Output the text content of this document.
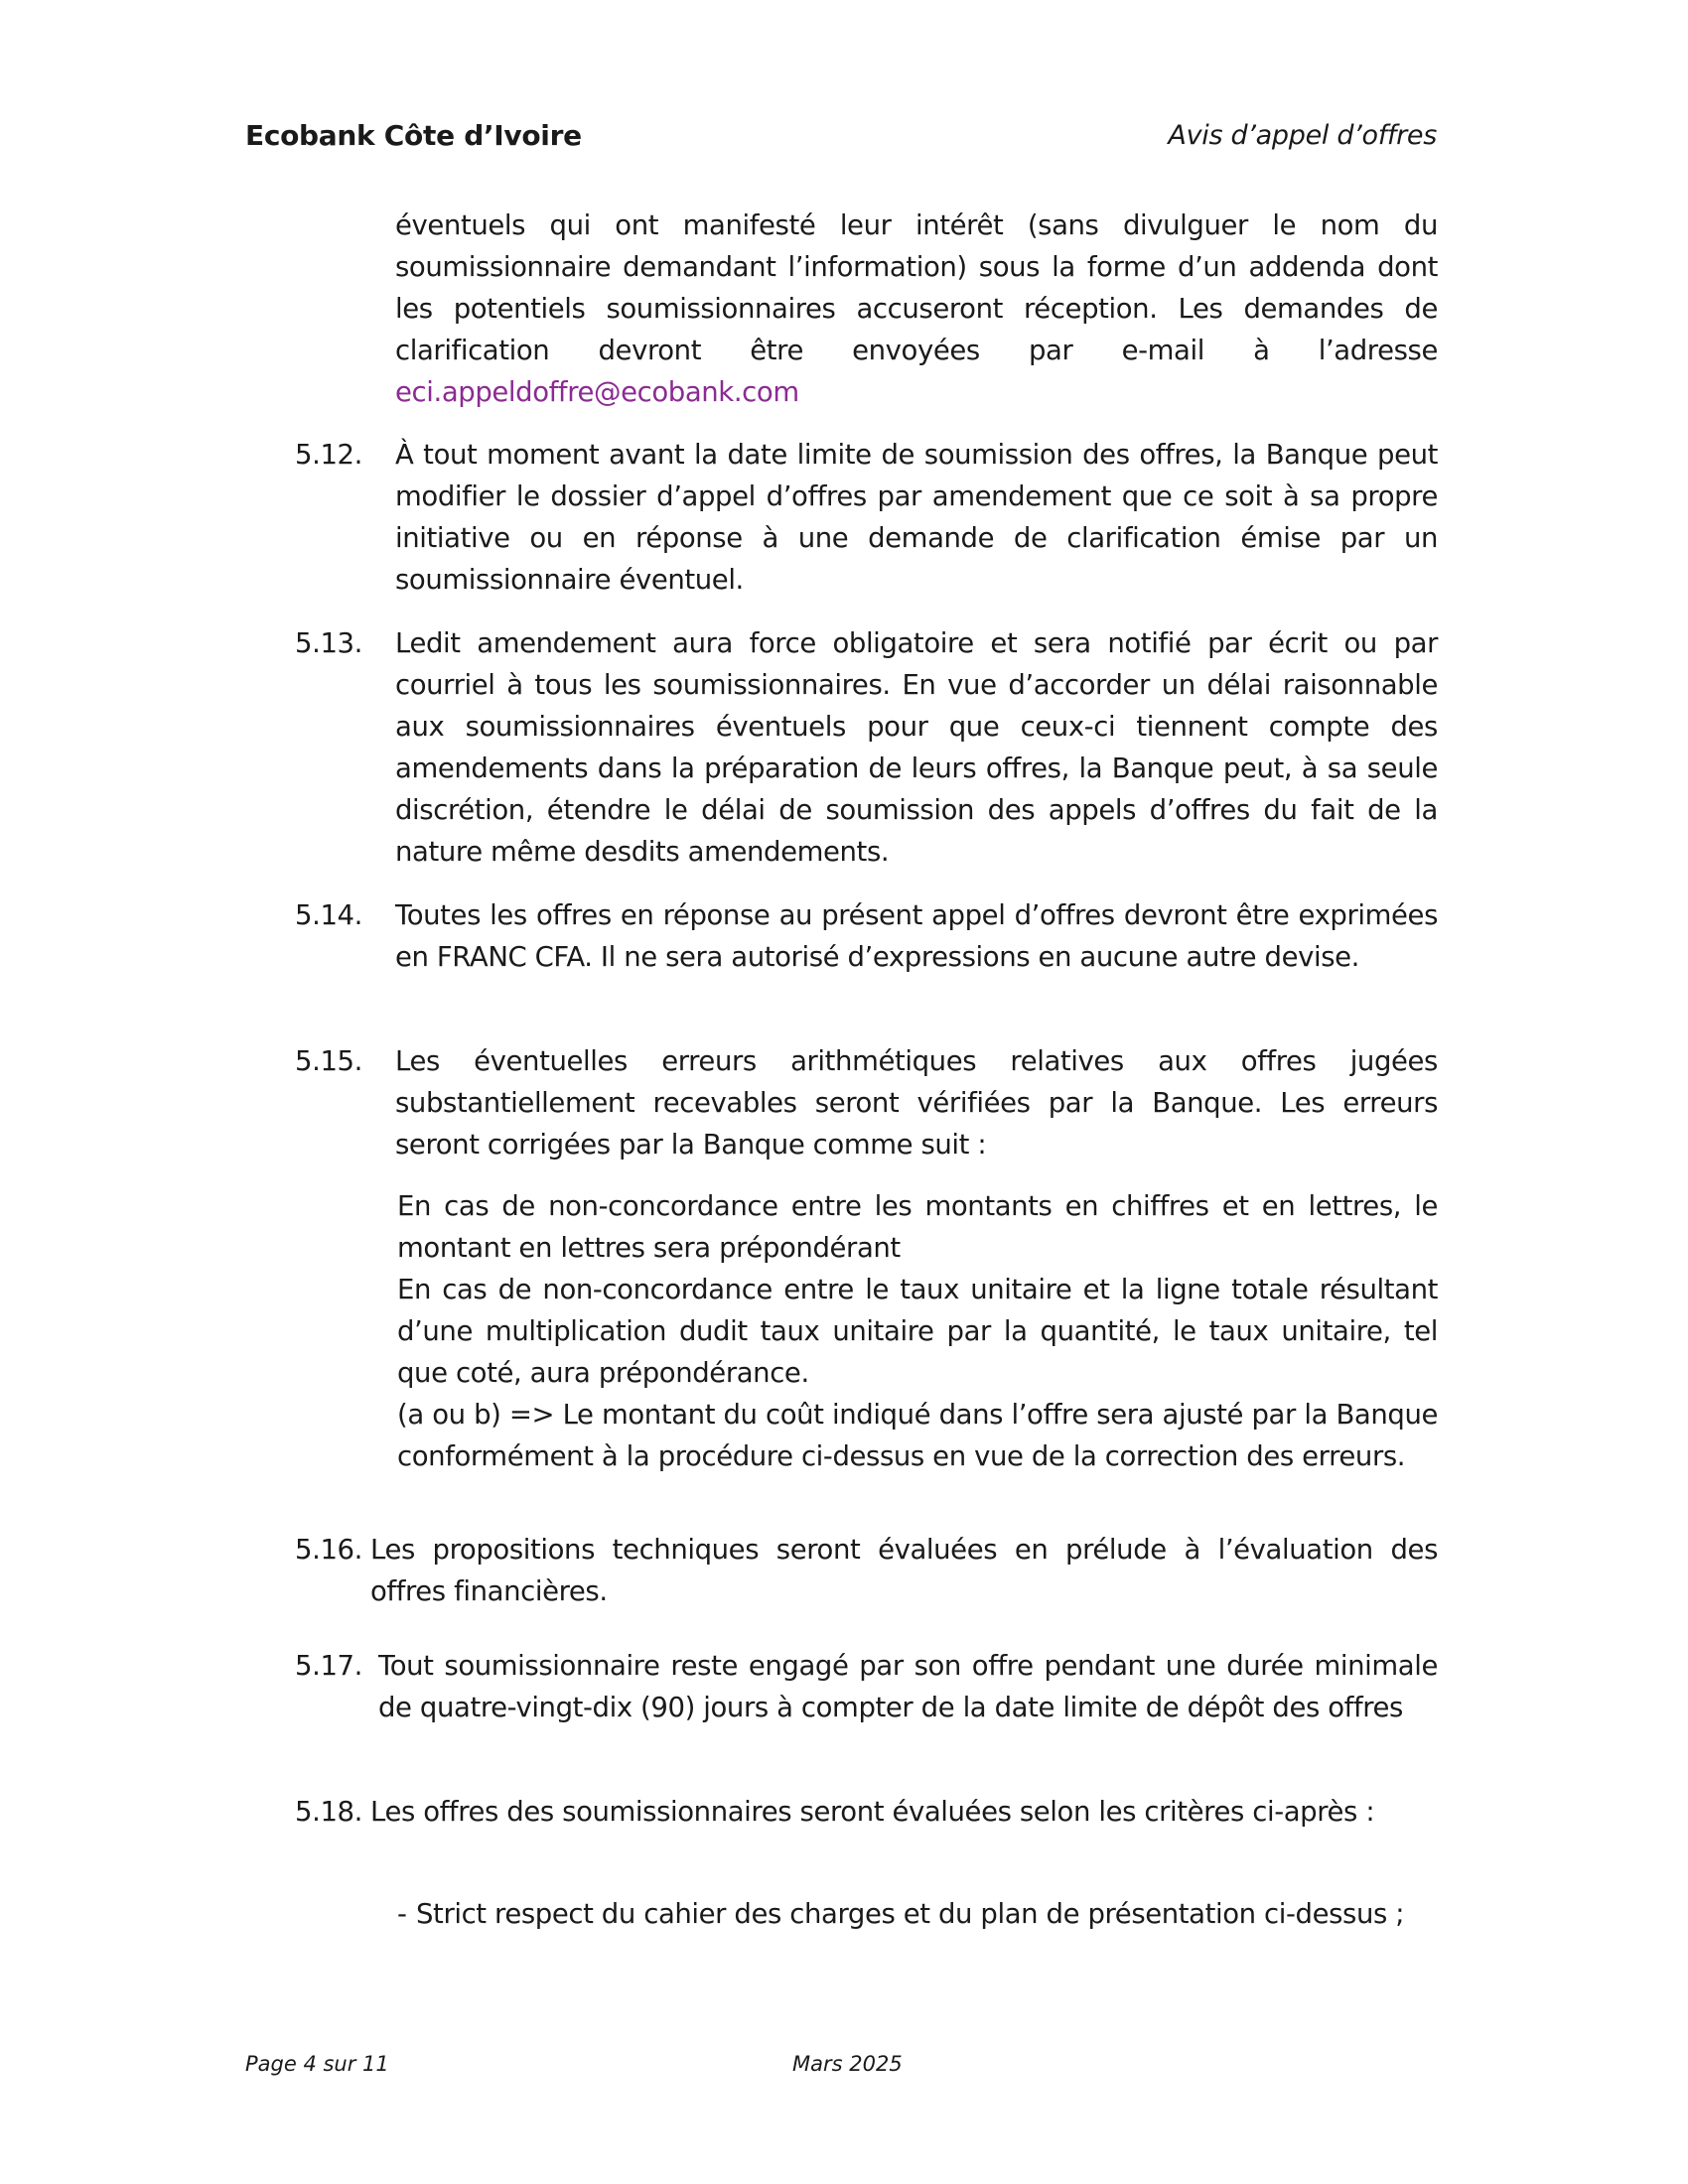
Ecobank Côte d’Ivoire	Avis d’appel d’offres
éventuels qui ont manifesté leur intérêt (sans divulguer le nom du soumissionnaire demandant l’information) sous la forme d’un addenda dont les potentiels soumissionnaires accuseront réception. Les demandes de clarification devront être envoyées par e-mail à l’adresse
eci.appeldoffre@ecobank.com
5.12. À tout moment avant la date limite de soumission des offres, la Banque peut modifier le dossier d’appel d’offres par amendement que ce soit à sa propre initiative ou en réponse à une demande de clarification émise par un soumissionnaire éventuel.
5.13. Ledit amendement aura force obligatoire et sera notifié par écrit ou par courriel à tous les soumissionnaires. En vue d’accorder un délai raisonnable aux soumissionnaires éventuels pour que ceux-ci tiennent compte des amendements dans la préparation de leurs offres, la Banque peut, à sa seule discrétion, étendre le délai de soumission des appels d’offres du fait de la nature même desdits amendements.
5.14. Toutes les offres en réponse au présent appel d’offres devront être exprimées en FRANC CFA. Il ne sera autorisé d’expressions en aucune autre devise.
5.15. Les éventuelles erreurs arithmétiques relatives aux offres jugées substantiellement recevables seront vérifiées par la Banque. Les erreurs seront corrigées par la Banque comme suit :
En cas de non-concordance entre les montants en chiffres et en lettres, le montant en lettres sera prépondérant
En cas de non-concordance entre le taux unitaire et la ligne totale résultant d’une multiplication dudit taux unitaire par la quantité, le taux unitaire, tel que coté, aura prépondérance.
(a ou b) => Le montant du coût indiqué dans l’offre sera ajusté par la Banque conformément à la procédure ci-dessus en vue de la correction des erreurs.
5.16. Les propositions techniques seront évaluées en prélude à l’évaluation des offres financières.
5.17. Tout soumissionnaire reste engagé par son offre pendant une durée minimale de quatre-vingt-dix (90) jours à compter de la date limite de dépôt des offres
5.18. Les offres des soumissionnaires seront évaluées selon les critères ci-après :
- Strict respect du cahier des charges et du plan de présentation ci-dessus ;
Page 4 sur 11	Mars 2025
